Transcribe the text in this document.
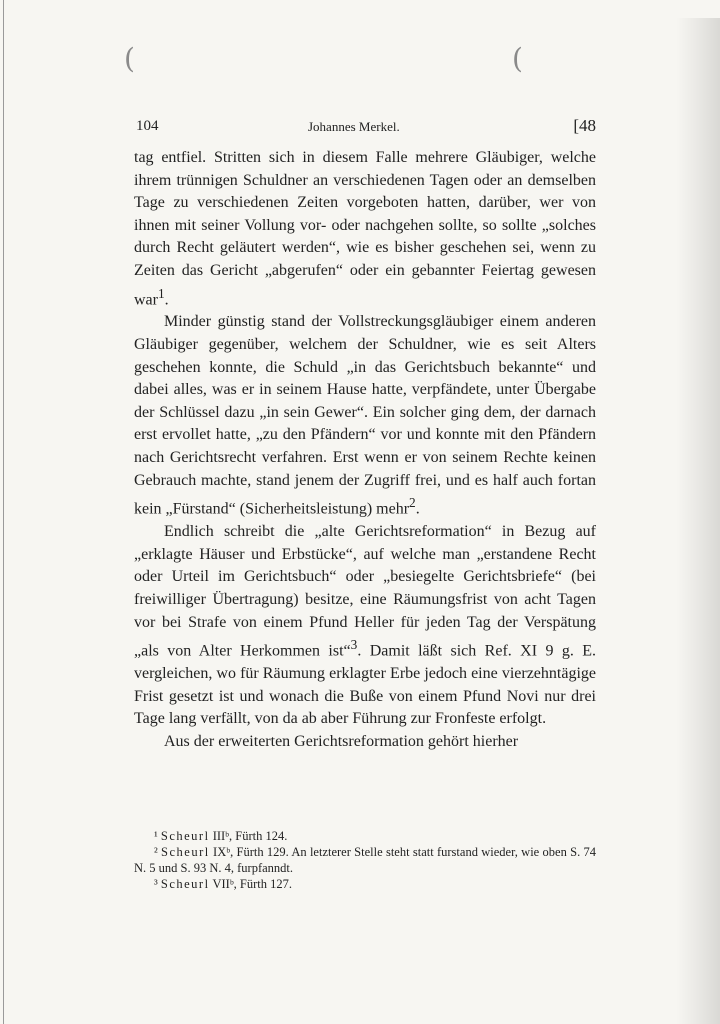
(	(
104	Johannes Merkel.	[48

tag entfiel. Stritten sich in diesem Falle mehrere Gläubiger, welche ihrem trünnigen Schuldner an verschiedenen Tagen oder an demselben Tage zu verschiedenen Zeiten vorgeboten hatten, darüber, wer von ihnen mit seiner Vollung vor- oder nachgehen sollte, so sollte „solches durch Recht geläutert werden“, wie es bisher geschehen sei, wenn zu Zeiten das Gericht „abgerufen“ oder ein gebannter Feiertag gewesen war$^1$.

Minder günstig stand der Vollstreckungsgläubiger einem anderen Gläubiger gegenüber, welchem der Schuldner, wie es seit Alters geschehen konnte, die Schuld „in das Gerichtsbuch bekannte“ und dabei alles, was er in seinem Hause hatte, verpfändete, unter Übergabe der Schlüssel dazu „in sein Gewer“. Ein solcher ging dem, der darnach erst ervollet hatte, „zu den Pfändern“ vor und konnte mit den Pfändern nach Gerichtsrecht verfahren. Erst wenn er von seinem Rechte keinen Gebrauch machte, stand jenem der Zugriff frei, und es half auch fortan kein „Fürstand“ (Sicherheitsleistung) mehr$^2$.

Endlich schreibt die „alte Gerichtsreformation“ in Bezug auf „erklagte Häuser und Erbstücke“, auf welche man „erstandene Recht oder Urteil im Gerichtsbuch“ oder „besiegelte Gerichtsbriefe“ (bei freiwilliger Übertragung) besitze, eine Räumungsfrist von acht Tagen vor bei Strafe von einem Pfund Heller für jeden Tag der Verspätung „als von Alter Herkommen ist“$^3$. Damit läßt sich Ref. XI 9 g. E. vergleichen, wo für Räumung erklagter Erbe jedoch eine vierzehntägige Frist gesetzt ist und wonach die Buße von einem Pfund Novi nur drei Tage lang verfällt, von da ab aber Führung zur Fronfeste erfolgt.

Aus der erweiterten Gerichtsreformation gehört hierher

¹ Scheurl IIIᵇ, Fürth 124.

² Scheurl IXᵇ, Fürth 129. An letzterer Stelle steht statt furstand wieder, wie oben S. 74 N. 5 und S. 93 N. 4, furpfanndt.

³ Scheurl VIIᵇ, Fürth 127.
